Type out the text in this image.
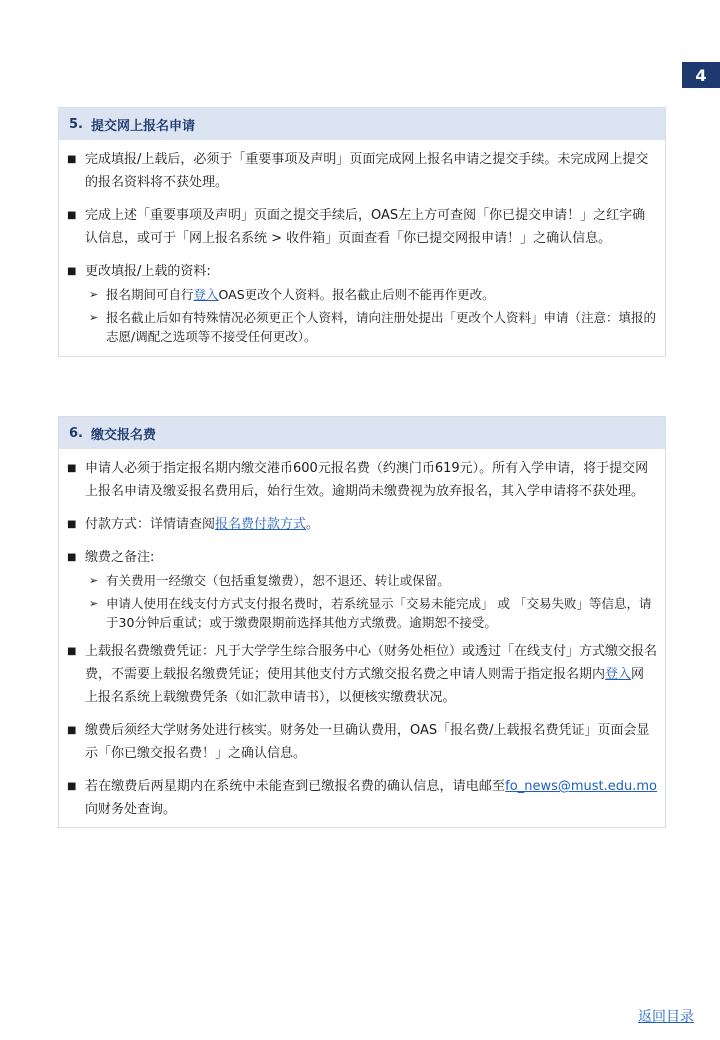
4
5. 提交网上报名申请
■ 完成填报/上载后，必须于「重要事项及声明」页面完成网上报名申请之提交手续。未完成网上提交的报名资料将不获处理。
■ 完成上述「重要事项及声明」页面之提交手续后，OAS左上方可查阅「你已提交申请！」之红字确认信息，或可于「网上报名系统 > 收件箱」页面查看「你已提交网报申请！」之确认信息。
■ 更改填报/上载的资料:
➢ 报名期间可自行登入OAS更改个人资料。报名截止后则不能再作更改。
➢ 报名截止后如有特殊情况必须更正个人资料，请向注册处提出「更改个人资料」申请（注意：填报的志愿/调配之选项等不接受任何更改）。
6. 缴交报名费
■ 申请人必须于指定报名期内缴交港币600元报名费（约澳门币619元）。所有入学申请，将于提交网上报名申请及缴妥报名费用后，始行生效。逾期尚未缴费视为放弃报名，其入学申请将不获处理。
■ 付款方式：详情请查阅报名费付款方式。
■ 缴费之备注:
➢ 有关费用一经缴交（包括重复缴费），恕不退还、转让或保留。
➢ 申请人使用在线支付方式支付报名费时，若系统显示「交易未能完成」 或 「交易失败」等信息，请于30分钟后重试；或于缴费限期前选择其他方式缴费。逾期恕不接受。
■ 上载报名费缴费凭证：凡于大学学生综合服务中心（财务处柜位）或透过「在线支付」方式缴交报名费，不需要上载报名缴费凭证；使用其他支付方式缴交报名费之申请人则需于指定报名期内登入网上报名系统上载缴费凭条（如汇款申请书），以便核实缴费状况。
■ 缴费后须经大学财务处进行核实。财务处一旦确认费用，OAS「报名费/上载报名费凭证」页面会显示「你已缴交报名费！」之确认信息。
■ 若在缴费后两星期内在系统中未能查到已缴报名费的确认信息，请电邮至fo_news@must.edu.mo向财务处查询。
返回目录
